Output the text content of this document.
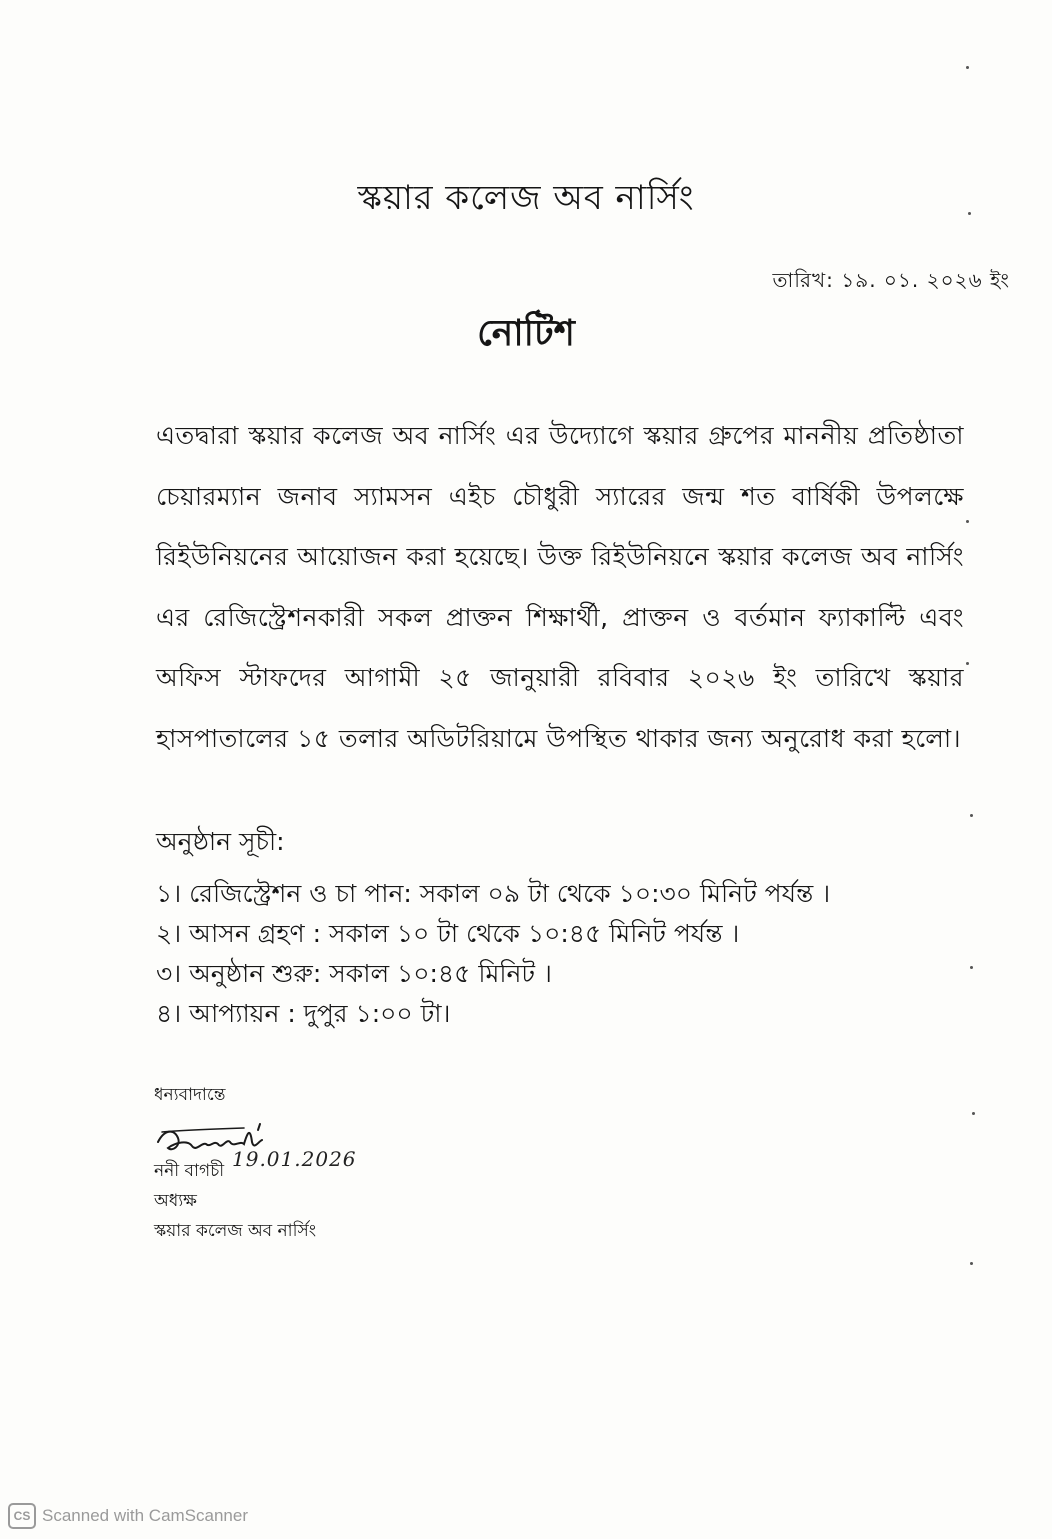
স্কয়ার কলেজ অব নার্সিং
তারিখ: ১৯. ০১. ২০২৬ ইং
নোটিশ
এতদ্বারা স্কয়ার কলেজ অব নার্সিং এর উদ্যোগে স্কয়ার গ্রুপের মাননীয় প্রতিষ্ঠাতা চেয়ারম্যান জনাব স্যামসন এইচ চৌধুরী স্যারের জন্ম শত বার্ষিকী উপলক্ষে রিইউনিয়নের আয়োজন করা হয়েছে। উক্ত রিইউনিয়নে স্কয়ার কলেজ অব নার্সিং এর রেজিস্ট্রেশনকারী সকল প্রাক্তন শিক্ষার্থী, প্রাক্তন ও বর্তমান ফ্যাকাল্টি এবং অফিস স্টাফদের আগামী ২৫ জানুয়ারী রবিবার ২০২৬ ইং তারিখে স্কয়ার হাসপাতালের ১৫ তলার অডিটরিয়ামে উপস্থিত থাকার জন্য অনুরোধ করা হলো।
অনুষ্ঠান সূচী:
১। রেজিস্ট্রেশন ও চা পান: সকাল ০৯ টা থেকে ১০:৩০ মিনিট পর্যন্ত ।
২। আসন গ্রহণ : সকাল ১০ টা থেকে ১০:৪৫ মিনিট পর্যন্ত ।
৩। অনুষ্ঠান শুরু: সকাল ১০:৪৫ মিনিট ।
৪। আপ্যায়ন : দুপুর ১:০০ টা।
ধন্যবাদান্তে
ননী বাগচী
অধ্যক্ষ
স্কয়ার কলেজ অব নার্সিং
19.01.2026
CS Scanned with CamScanner
